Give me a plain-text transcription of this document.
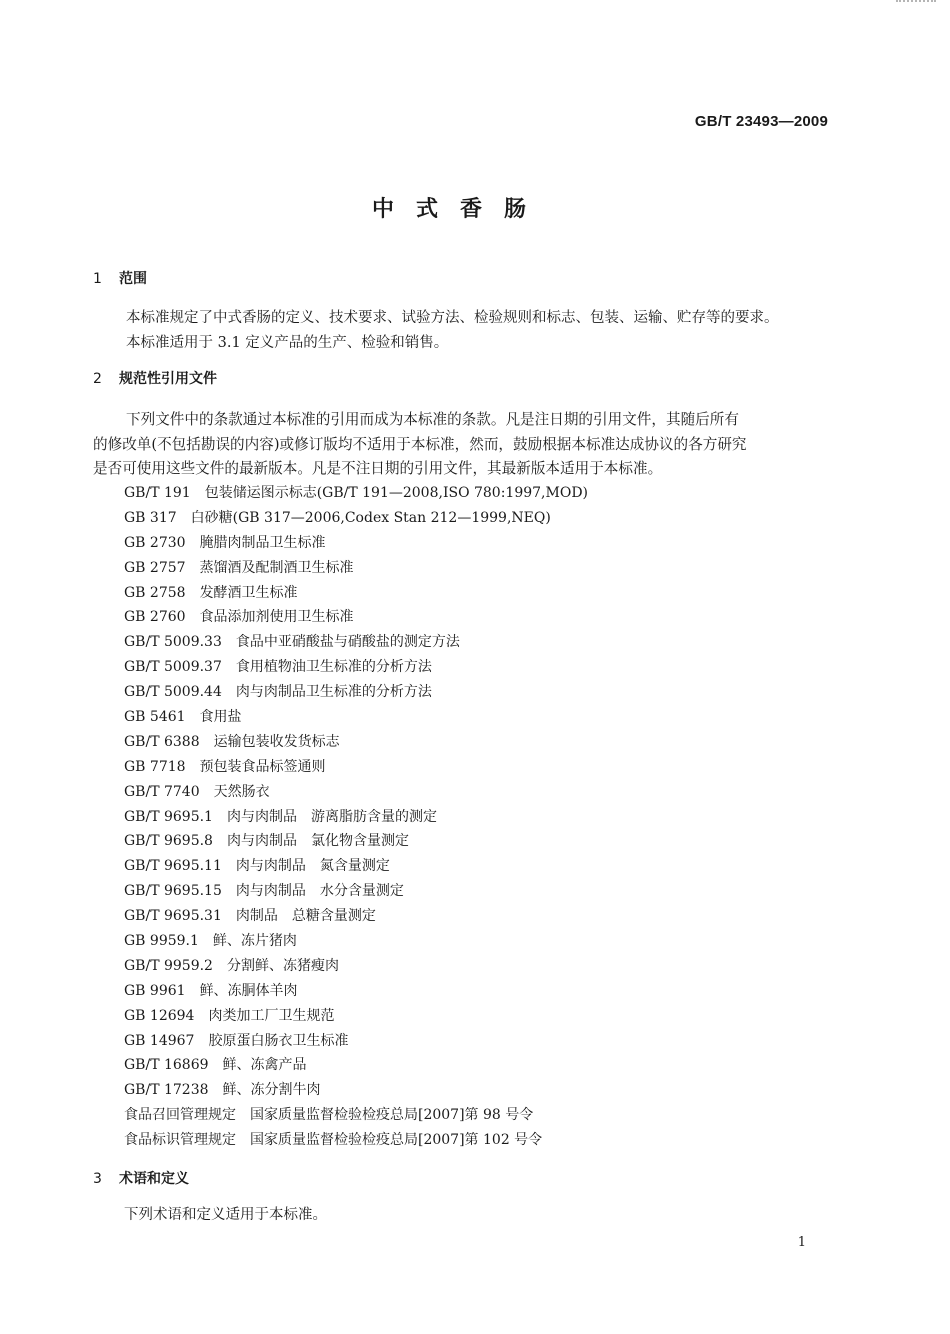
GB/T 23493—2009
中式香肠
1 范围
本标准规定了中式香肠的定义、技术要求、试验方法、检验规则和标志、包装、运输、贮存等的要求。
本标准适用于 3.1 定义产品的生产、检验和销售。
2 规范性引用文件
下列文件中的条款通过本标准的引用而成为本标准的条款。凡是注日期的引用文件，其随后所有
的修改单(不包括勘误的内容)或修订版均不适用于本标准，然而，鼓励根据本标准达成协议的各方研究
是否可使用这些文件的最新版本。凡是不注日期的引用文件，其最新版本适用于本标准。
GB/T 191 包装储运图示标志(GB/T 191—2008,ISO 780:1997,MOD)
GB 317 白砂糖(GB 317—2006,Codex Stan 212—1999,NEQ)
GB 2730 腌腊肉制品卫生标准
GB 2757 蒸馏酒及配制酒卫生标准
GB 2758 发酵酒卫生标准
GB 2760 食品添加剂使用卫生标准
GB/T 5009.33 食品中亚硝酸盐与硝酸盐的测定方法
GB/T 5009.37 食用植物油卫生标准的分析方法
GB/T 5009.44 肉与肉制品卫生标准的分析方法
GB 5461 食用盐
GB/T 6388 运输包装收发货标志
GB 7718 预包装食品标签通则
GB/T 7740 天然肠衣
GB/T 9695.1 肉与肉制品　游离脂肪含量的测定
GB/T 9695.8 肉与肉制品　氯化物含量测定
GB/T 9695.11 肉与肉制品　氮含量测定
GB/T 9695.15 肉与肉制品　水分含量测定
GB/T 9695.31 肉制品　总糖含量测定
GB 9959.1 鲜、冻片猪肉
GB/T 9959.2 分割鲜、冻猪瘦肉
GB 9961 鲜、冻胴体羊肉
GB 12694 肉类加工厂卫生规范
GB 14967 胶原蛋白肠衣卫生标准
GB/T 16869 鲜、冻禽产品
GB/T 17238 鲜、冻分割牛肉
食品召回管理规定 国家质量监督检验检疫总局[2007]第 98 号令
食品标识管理规定 国家质量监督检验检疫总局[2007]第 102 号令
3 术语和定义
下列术语和定义适用于本标准。
1
